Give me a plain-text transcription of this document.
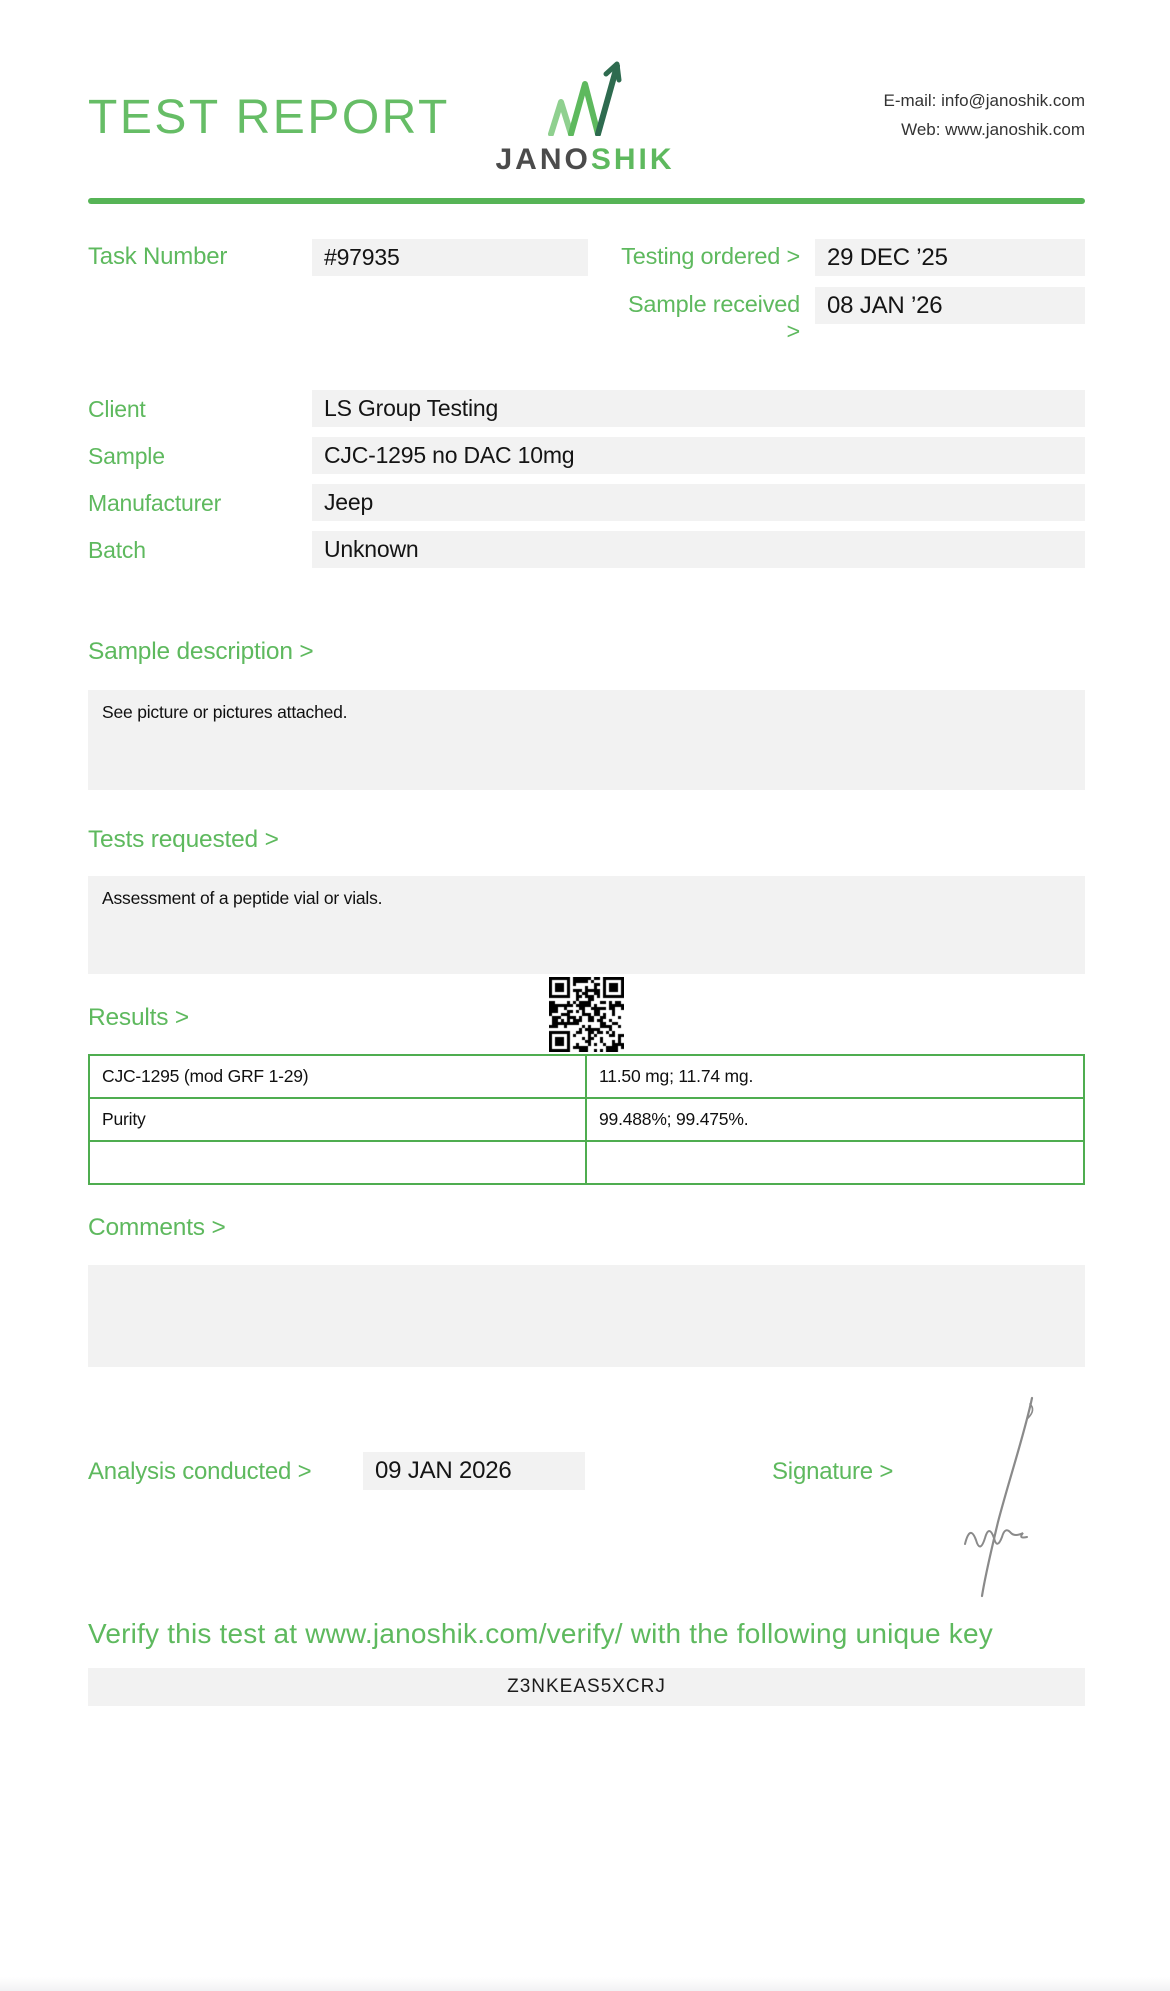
TEST REPORT
JANOSHIK
E-mail: info@janoshik.com
Web: www.janoshik.com
Task Number	#97935	Testing ordered > 29 DEC ’25
Sample received >
08 JAN ’26
Client	LS Group Testing
Sample	CJC-1295 no DAC 10mg
Manufacturer	Jeep
Batch	Unknown
Sample description >
See picture or pictures attached.
Tests requested >
Assessment of a peptide vial or vials.
Results >
CJC-1295 (mod GRF 1-29)	11.50 mg; 11.74 mg.
Purity	99.488%; 99.475%.

Comments >
Analysis conducted >	09 JAN 2026	Signature >
Verify this test at www.janoshik.com/verify/ with the following unique key
Z3NKEAS5XCRJ
